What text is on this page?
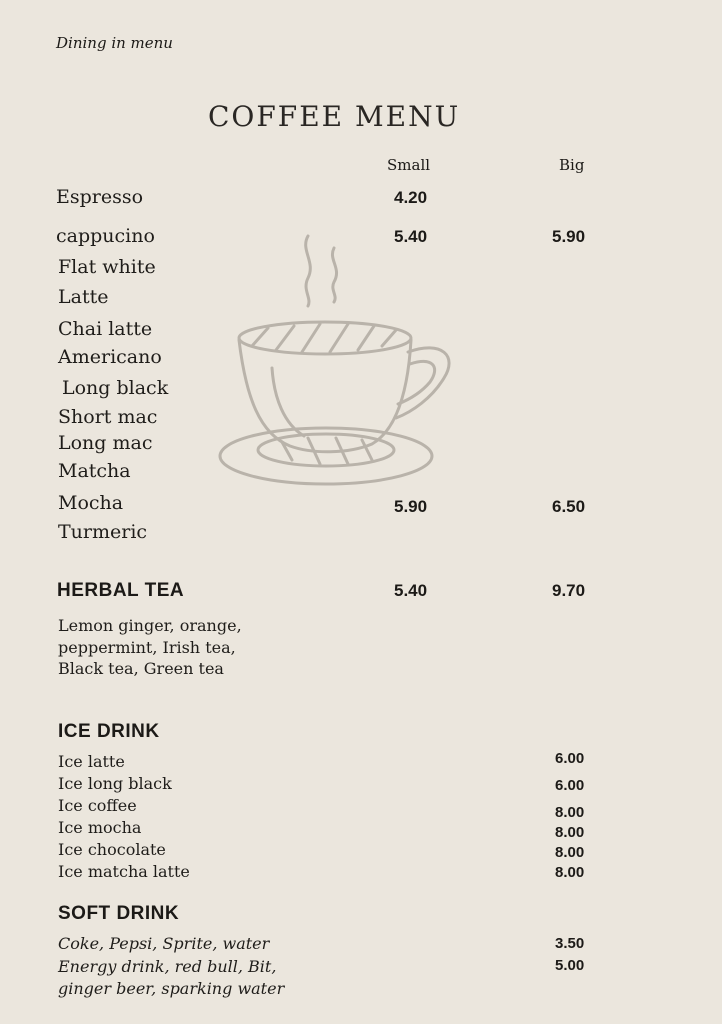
Dining in menu
COFFEE MENU
Small	Big
Espresso	4.20
cappucino	5.40	5.90
Flat white
Latte
Chai latte
Americano
Long black
Short mac
Long mac
Matcha
Mocha	5.90	6.50
Turmeric
HERBAL TEA	5.40	9.70
Lemon ginger, orange,
peppermint, Irish tea,
Black tea, Green tea
ICE DRINK
Ice latte	6.00
Ice long black	6.00
Ice coffee	8.00
Ice mocha	8.00
Ice chocolate	8.00
Ice matcha latte	8.00
SOFT DRINK
Coke, Pepsi, Sprite, water	3.50
Energy drink, red bull, Bit,	5.00
ginger beer, sparking water
